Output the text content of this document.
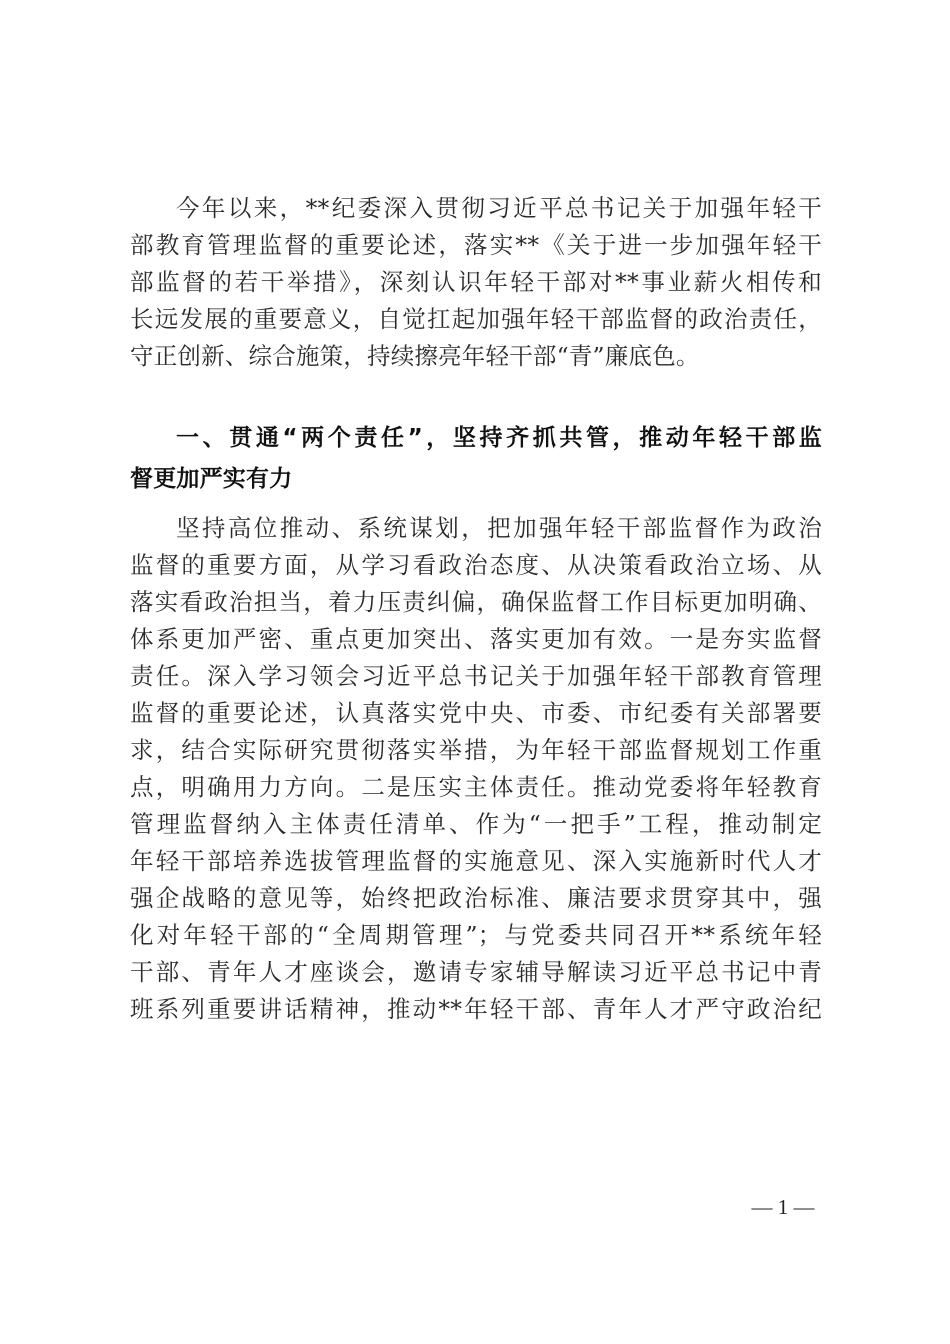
今年以来，**纪委深入贯彻习近平总书记关于加强年轻干
部教育管理监督的重要论述，落实**《关于进一步加强年轻干
部监督的若干举措》，深刻认识年轻干部对**事业薪火相传和
长远发展的重要意义，自觉扛起加强年轻干部监督的政治责任，
守正创新、综合施策，持续擦亮年轻干部“青”廉底色。
一、贯通“两个责任”，坚持齐抓共管，推动年轻干部监
督更加严实有力
坚持高位推动、系统谋划，把加强年轻干部监督作为政治
监督的重要方面，从学习看政治态度、从决策看政治立场、从
落实看政治担当，着力压责纠偏，确保监督工作目标更加明确、
体系更加严密、重点更加突出、落实更加有效。一是夯实监督
责任。深入学习领会习近平总书记关于加强年轻干部教育管理
监督的重要论述，认真落实党中央、市委、市纪委有关部署要
求，结合实际研究贯彻落实举措，为年轻干部监督规划工作重
点，明确用力方向。二是压实主体责任。推动党委将年轻教育
管理监督纳入主体责任清单、作为“一把手”工程，推动制定
年轻干部培养选拔管理监督的实施意见、深入实施新时代人才
强企战略的意见等，始终把政治标准、廉洁要求贯穿其中，强
化对年轻干部的“全周期管理”；与党委共同召开**系统年轻
干部、青年人才座谈会，邀请专家辅导解读习近平总书记中青
班系列重要讲话精神，推动**年轻干部、青年人才严守政治纪
— 1 —
